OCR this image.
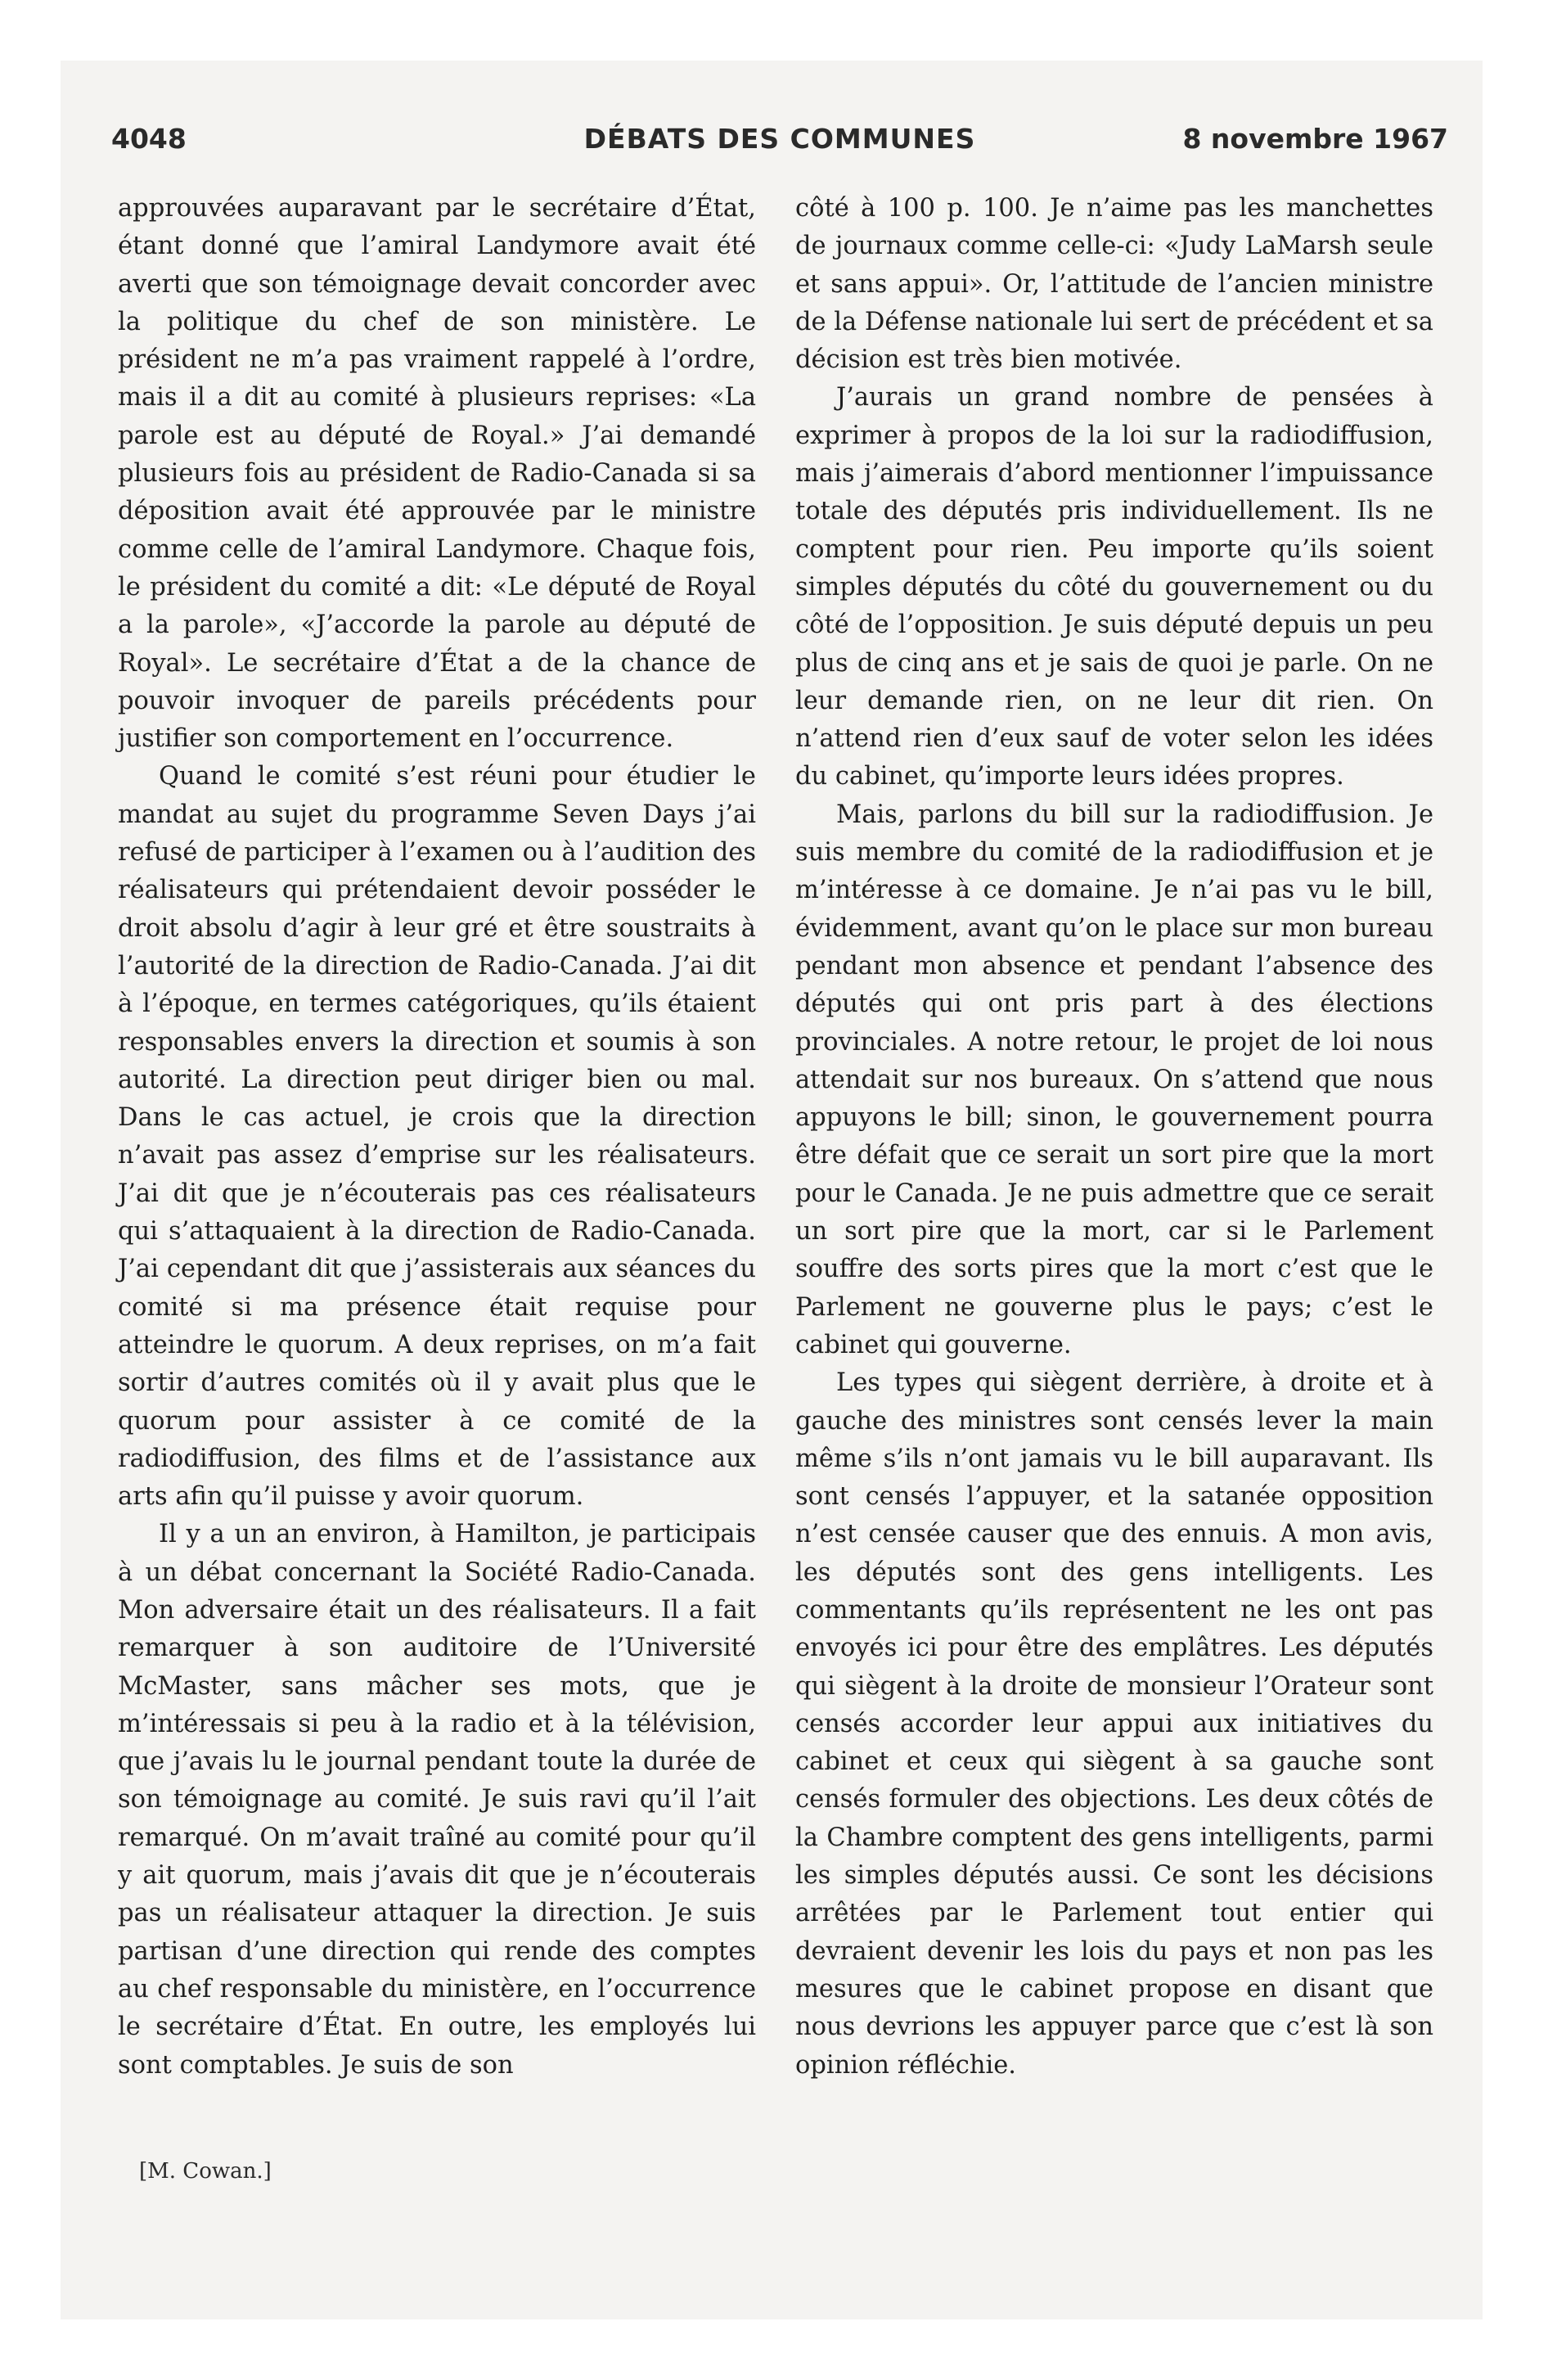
4048	DÉBATS DES COMMUNES	8 novembre 1967

approuvées auparavant par le secrétaire d’État, étant donné que l’amiral Landymore avait été averti que son témoignage devait concorder avec la politique du chef de son ministère. Le président ne m’a pas vraiment rappelé à l’ordre, mais il a dit au comité à plusieurs reprises: «La parole est au député de Royal.» J’ai demandé plusieurs fois au président de Radio-Canada si sa déposition avait été approuvée par le ministre comme celle de l’amiral Landymore. Chaque fois, le président du comité a dit: «Le député de Royal a la parole», «J’accorde la parole au député de Royal». Le secrétaire d’État a de la chance de pouvoir invoquer de pareils précédents pour justifier son comportement en l’occurrence.

Quand le comité s’est réuni pour étudier le mandat au sujet du programme Seven Days j’ai refusé de participer à l’examen ou à l’audition des réalisateurs qui prétendaient devoir posséder le droit absolu d’agir à leur gré et être soustraits à l’autorité de la direction de Radio-Canada. J’ai dit à l’époque, en termes catégoriques, qu’ils étaient responsables envers la direction et soumis à son autorité. La direction peut diriger bien ou mal. Dans le cas actuel, je crois que la direction n’avait pas assez d’emprise sur les réalisateurs. J’ai dit que je n’écouterais pas ces réalisateurs qui s’attaquaient à la direction de Radio-Canada. J’ai cependant dit que j’assisterais aux séances du comité si ma présence était requise pour atteindre le quorum. A deux reprises, on m’a fait sortir d’autres comités où il y avait plus que le quorum pour assister à ce comité de la radiodiffusion, des films et de l’assistance aux arts afin qu’il puisse y avoir quorum.

Il y a un an environ, à Hamilton, je participais à un débat concernant la Société Radio-Canada. Mon adversaire était un des réalisateurs. Il a fait remarquer à son auditoire de l’Université McMaster, sans mâcher ses mots, que je m’intéressais si peu à la radio et à la télévision, que j’avais lu le journal pendant toute la durée de son témoignage au comité. Je suis ravi qu’il l’ait remarqué. On m’avait traîné au comité pour qu’il y ait quorum, mais j’avais dit que je n’écouterais pas un réalisateur attaquer la direction. Je suis partisan d’une direction qui rende des comptes au chef responsable du ministère, en l’occurrence le secrétaire d’État. En outre, les employés lui sont comptables. Je suis de son

côté à 100 p. 100. Je n’aime pas les manchettes de journaux comme celle-ci: «Judy LaMarsh seule et sans appui». Or, l’attitude de l’ancien ministre de la Défense nationale lui sert de précédent et sa décision est très bien motivée.

J’aurais un grand nombre de pensées à exprimer à propos de la loi sur la radiodiffusion, mais j’aimerais d’abord mentionner l’impuissance totale des députés pris individuellement. Ils ne comptent pour rien. Peu importe qu’ils soient simples députés du côté du gouvernement ou du côté de l’opposition. Je suis député depuis un peu plus de cinq ans et je sais de quoi je parle. On ne leur demande rien, on ne leur dit rien. On n’attend rien d’eux sauf de voter selon les idées du cabinet, qu’importe leurs idées propres.

Mais, parlons du bill sur la radiodiffusion. Je suis membre du comité de la radiodiffusion et je m’intéresse à ce domaine. Je n’ai pas vu le bill, évidemment, avant qu’on le place sur mon bureau pendant mon absence et pendant l’absence des députés qui ont pris part à des élections provinciales. A notre retour, le projet de loi nous attendait sur nos bureaux. On s’attend que nous appuyons le bill; sinon, le gouvernement pourra être défait que ce serait un sort pire que la mort pour le Canada. Je ne puis admettre que ce serait un sort pire que la mort, car si le Parlement souffre des sorts pires que la mort c’est que le Parlement ne gouverne plus le pays; c’est le cabinet qui gouverne.

Les types qui siègent derrière, à droite et à gauche des ministres sont censés lever la main même s’ils n’ont jamais vu le bill auparavant. Ils sont censés l’appuyer, et la satanée opposition n’est censée causer que des ennuis. A mon avis, les députés sont des gens intelligents. Les commentants qu’ils représentent ne les ont pas envoyés ici pour être des emplâtres. Les députés qui siègent à la droite de monsieur l’Orateur sont censés accorder leur appui aux initiatives du cabinet et ceux qui siègent à sa gauche sont censés formuler des objections. Les deux côtés de la Chambre comptent des gens intelligents, parmi les simples députés aussi. Ce sont les décisions arrêtées par le Parlement tout entier qui devraient devenir les lois du pays et non pas les mesures que le cabinet propose en disant que nous devrions les appuyer parce que c’est là son opinion réfléchie.

[M. Cowan.]
